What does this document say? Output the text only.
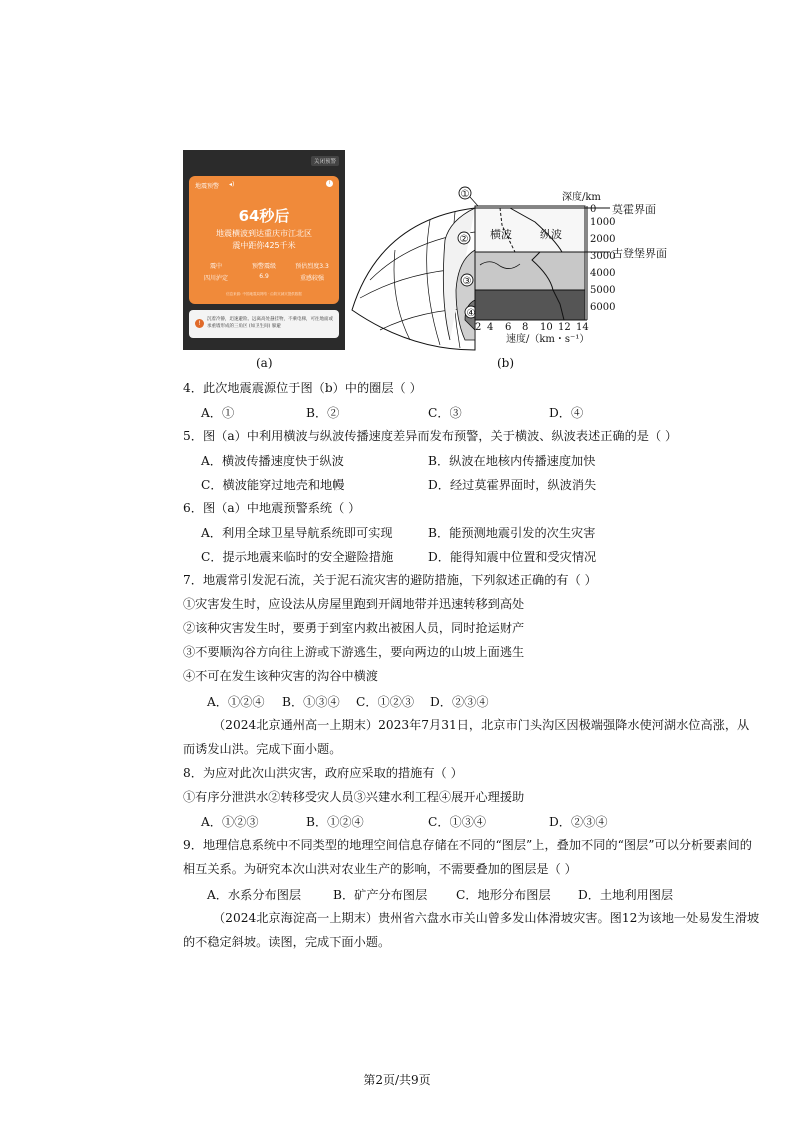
关闭预警
地震预警 ◂)	i
64秒后
地震横波到达重庆市江北区
震中距你425千米
震中	预警震级	预估烈度3.3
四川泸定	6.9	重感较强
信息来源: 中国地震局网络 · 由防灾减灾提供数据
!
沉着冷静，迅速避险。远离高处悬挂物，不乘电梯，可往地面或承重墙形成的三角区 (如卫生间) 躲避
(a)
①
②
③
④
横波	纵波
深度/km
0
1000
2000
3000
4000
5000
6000
莫霍界面
古登堡界面
2 4 6 8 10 12 14
速度/（km・s⁻¹）
(b)
4．此次地震震源位于图（b）中的圈层（ ）
A．①	B．②	C．③	D．④
5．图（a）中利用横波与纵波传播速度差异而发布预警，关于横波、纵波表述正确的是（ ）
A．横波传播速度快于纵波	B．纵波在地核内传播速度加快
C．横波能穿过地壳和地幔	D．经过莫霍界面时，纵波消失
6．图（a）中地震预警系统（ ）
A．利用全球卫星导航系统即可实现	B．能预测地震引发的次生灾害
C．提示地震来临时的安全避险措施	D．能得知震中位置和受灾情况
7．地震常引发泥石流，关于泥石流灾害的避防措施，下列叙述正确的有（ ）
①灾害发生时，应设法从房屋里跑到开阔地带并迅速转移到高处
②该种灾害发生时，要勇于到室内救出被困人员，同时抢运财产
③不要顺沟谷方向往上游或下游逃生，要向两边的山坡上面逃生
④不可在发生该种灾害的沟谷中横渡
A．①②④ B．①③④ C．①②③ D．②③④
（2024北京通州高一上期末）2023年7月31日，北京市门头沟区因极端强降水使河湖水位高涨，从
而诱发山洪。完成下面小题。
8．为应对此次山洪灾害，政府应采取的措施有（ ）
①有序分泄洪水②转移受灾人员③兴建水利工程④展开心理援助
A．①②③	B．①②④	C．①③④	D．②③④
9．地理信息系统中不同类型的地理空间信息存储在不同的“图层”上，叠加不同的“图层”可以分析要素间的
相互关系。为研究本次山洪对农业生产的影响，不需要叠加的图层是（ ）
A．水系分布图层	B．矿产分布图层 C．地形分布图层 D．土地利用图层
（2024北京海淀高一上期末）贵州省六盘水市关山曾多发山体滑坡灾害。图12为该地一处易发生滑坡
的不稳定斜坡。读图，完成下面小题。
第2页/共9页
